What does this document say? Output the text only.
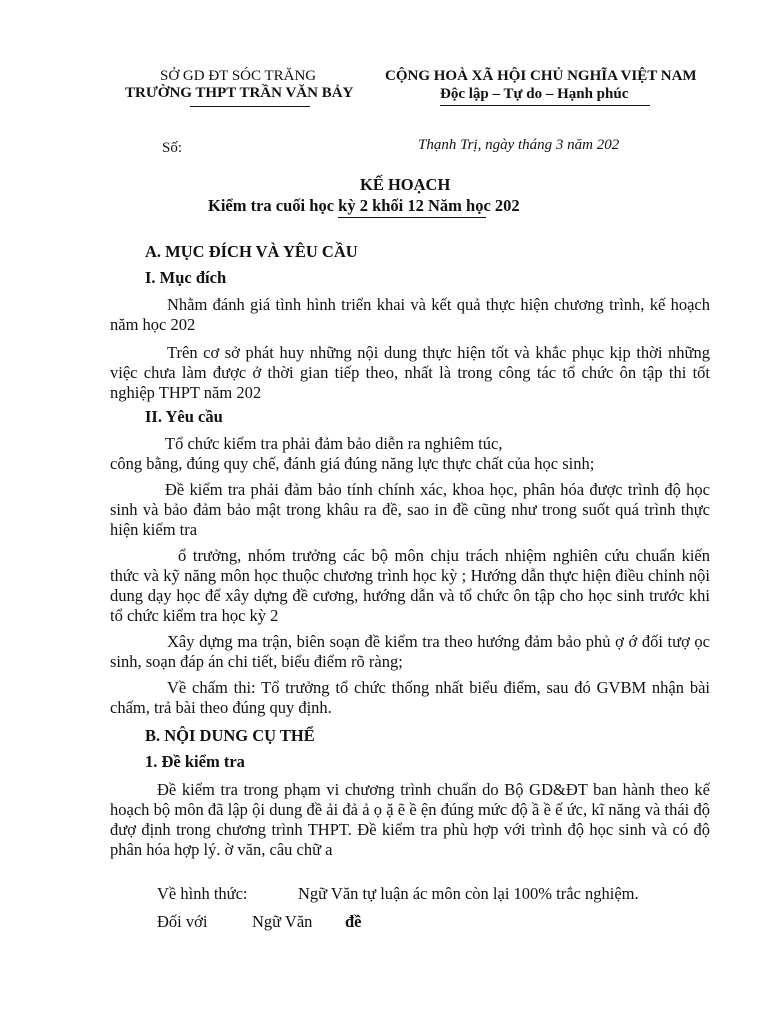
SỞ GD ĐT SÓC TRĂNG
TRƯỜNG THPT TRẦN VĂN BẢY
CỘNG HOÀ XÃ HỘI CHỦ NGHĨA VIỆT NAM
Độc lập – Tự do – Hạnh phúc
Số:	Thạnh Trị, ngày tháng 3 năm 202
KẾ HOẠCH
Kiểm tra cuối học kỳ 2 khối 12 Năm học 202
A. MỤC ĐÍCH VÀ YÊU CẦU
I. Mục đích

Nhằm đánh giá tình hình triển khai và kết quả thực hiện chương trình, kế hoạch năm học 202

Trên cơ sở phát huy những nội dung thực hiện tốt và khắc phục kịp thời những việc chưa làm được ở thời gian tiếp theo, nhất là trong công tác tổ chức ôn tập thi tốt nghiệp THPT năm 202

II. Yêu cầu
Tổ chức kiểm tra phải đảm bảo diễn ra nghiêm túc,
công bằng, đúng quy chế, đánh giá đúng năng lực thực chất của học sinh;

Đề kiểm tra phải đảm bảo tính chính xác, khoa học, phân hóa được trình độ học sinh và bảo đảm bảo mật trong khâu ra đề, sao in đề cũng như trong suốt quá trình thực hiện kiểm tra

ổ trưởng, nhóm trưởng các bộ môn chịu trách nhiệm nghiên cứu chuẩn kiến thức và kỹ năng môn học thuộc chương trình học kỳ ; Hướng dẫn thực hiện điều chỉnh nội dung dạy học để xây dựng đề cương, hướng dẫn và tổ chức ôn tập cho học sinh trước khi tổ chức kiểm tra học kỳ 2

Xây dựng ma trận, biên soạn đề kiểm tra theo hướng đảm bảo phủ ợ ớ đối tượ ọc sinh, soạn đáp án chi tiết, biểu điểm rõ ràng;

Về chấm thi: Tổ trưởng tổ chức thống nhất biểu điểm, sau đó GVBM nhận bài chấm, trả bài theo đúng quy định.

B. NỘI DUNG CỤ THỂ
1. Đề kiểm tra

Đề kiểm tra trong phạm vi chương trình chuẩn do Bộ GD&ĐT ban hành theo kế hoạch bộ môn đã lập ội dung đề ải đả ả ọ ặ ẽ ề ện đúng mức độ ầ ề ế ức, kĩ năng và thái độ đượ định trong chương trình THPT. Đề kiểm tra phù hợp với trình độ học sinh và có độ phân hóa hợp lý. ờ văn, câu chữ a

Về hình thức:	Ngữ Văn tự luận ác môn còn lại 100% trắc nghiệm.
Đối với	Ngữ Văn đề
